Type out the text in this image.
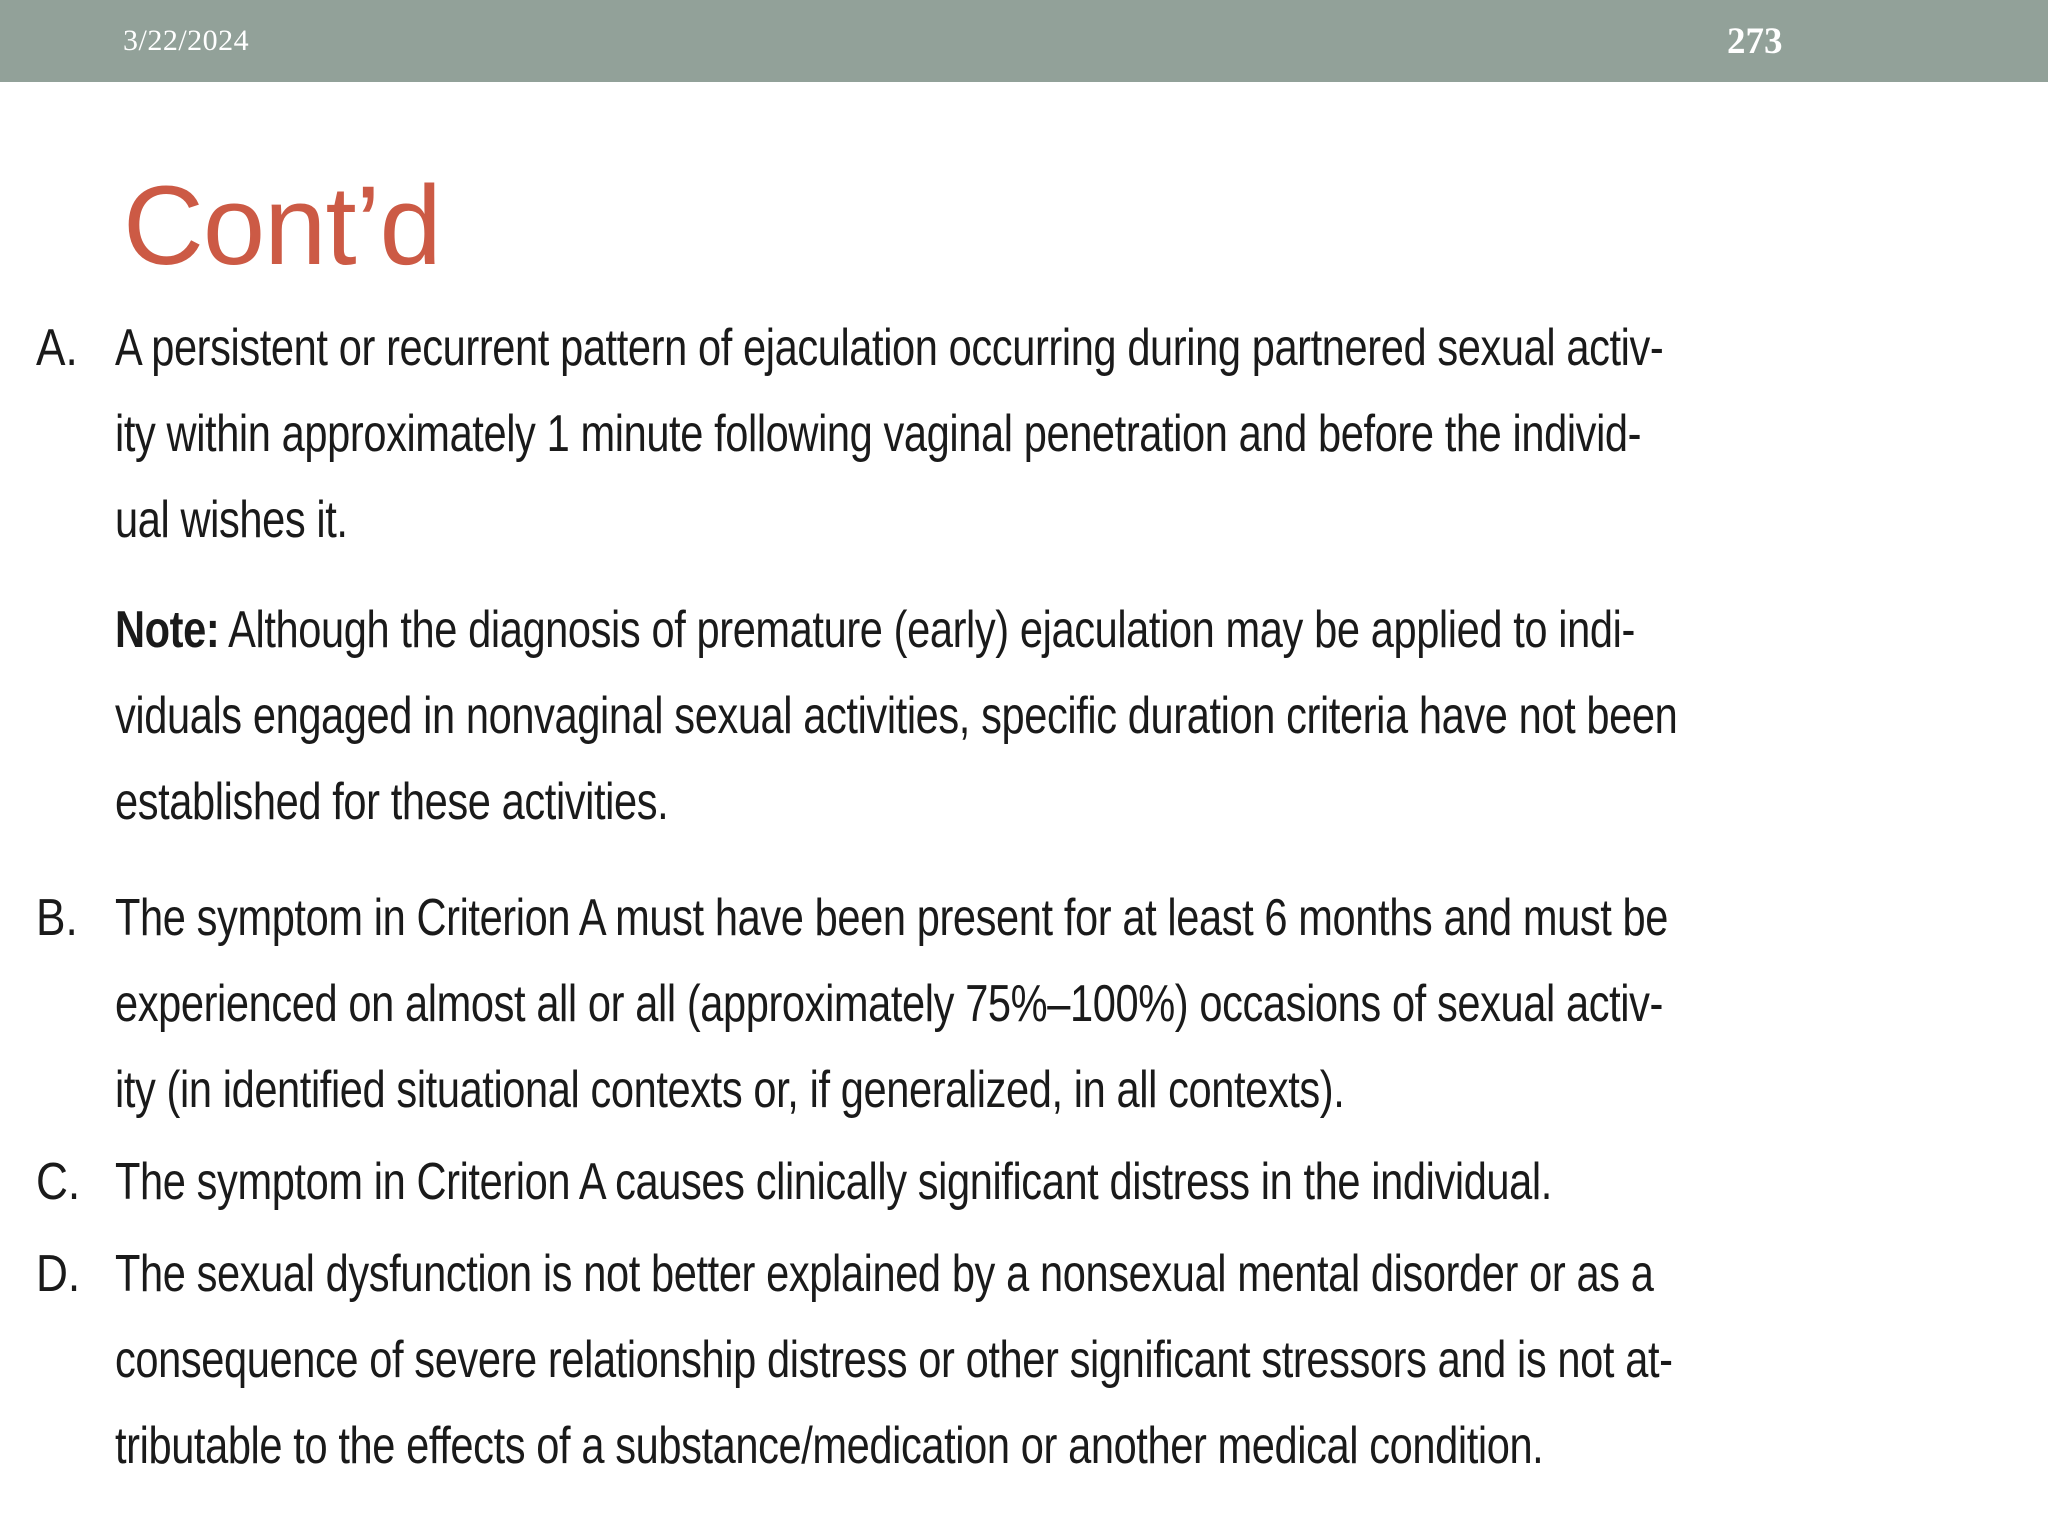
3/22/2024	273
Cont’d
A. A persistent or recurrent pattern of ejaculation occurring during partnered sexual activ-
ity within approximately 1 minute following vaginal penetration and before the individ-
ual wishes it.
Note: Although the diagnosis of premature (early) ejaculation may be applied to indi-
viduals engaged in nonvaginal sexual activities, specific duration criteria have not been
established for these activities.
B. The symptom in Criterion A must have been present for at least 6 months and must be
experienced on almost all or all (approximately 75%–100%) occasions of sexual activ-
ity (in identified situational contexts or, if generalized, in all contexts).
C. The symptom in Criterion A causes clinically significant distress in the individual.
D. The sexual dysfunction is not better explained by a nonsexual mental disorder or as a
consequence of severe relationship distress or other significant stressors and is not at-
tributable to the effects of a substance/medication or another medical condition.
